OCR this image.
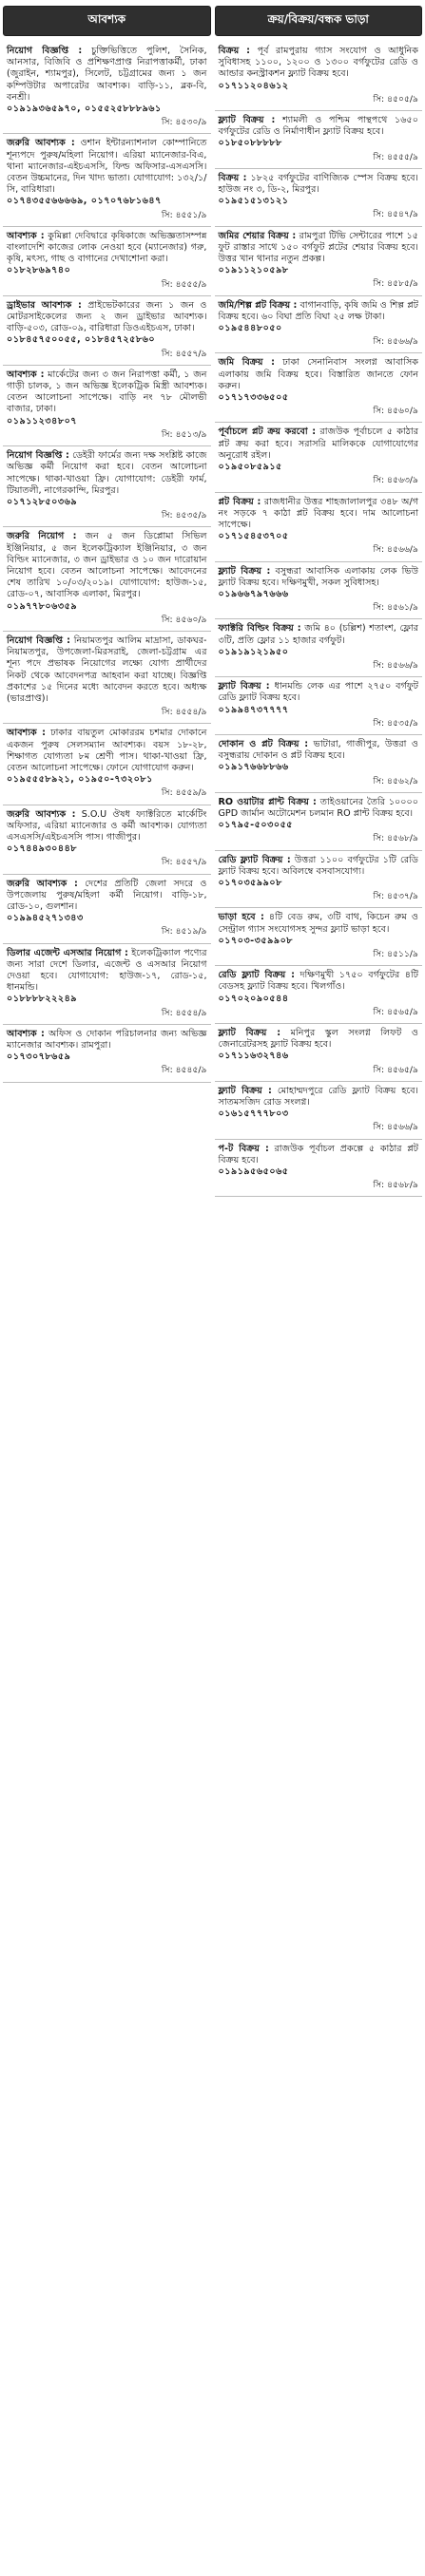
আবশ্যক
নিয়োগ বিজ্ঞপ্তি : চুক্তিভিত্তিতে পুলিশ, সৈনিক, আনসার, বিজিবি ও প্রশিক্ষণপ্রাপ্ত নিরাপত্তাকর্মী, ঢাকা (জুরাইন, শ্যামপুর), সিলেট, চট্টগ্রামের জন্য ১ জন কম্পিউটার অপারেটর আবশ্যক। বাড়ি-১১, ব্লক-বি, বনশ্রী।
০১৯১৯৩৬৫৯৭০, ০১৫৫২৫৮৮৮৯৬১
সি: ৪৫৩০/৯
জরুরি আবশ্যক : ওশান ইন্টারন্যাশনাল কোম্পানিতে শূন্যপদে পুরুষ/মহিলা নিয়োগ। এরিয়া ম্যানেজার-বিএ, থানা ম্যানেজার-এইচএসসি, ফিল্ড অফিসার-এসএসসি। বেতন উচ্চমানের, দিন খাদ্য ভাতা। যোগাযোগ: ১৩২/১/সি, বারিধারা।
০১৭৪৩৫৫৬৬৬৬৯, ০১৭০৭৬৮১৬৪৭
সি: ৪৫৫১/৯
আবশ্যক : কুমিল্লা দেবিদ্বারে কৃষিকাজে অভিজ্ঞতাসম্পন্ন বাংলাদেশি কাজের লোক নেওয়া হবে (ম্যানেজার) গরু, কৃষি, মৎস্য, গাছ ও বাগানের দেখাশোনা করা।
০১৮২৮৬৯৭৪০
সি: ৪৫৫৫/৯
ড্রাইভার আবশ্যক : প্রাইভেটকারের জন্য ১ জন ও মোটরসাইকেলের জন্য ২ জন ড্রাইভার আবশ্যক। বাড়ি-৫০৩, রোড-০৯, বারিধারা ডিওএইচএস, ঢাকা।
০১৮৪৫৭৫০০৫৫, ০১৮৪৫৭২৫৮৬০
সি: ৪৫৫৭/৯
আবশ্যক : মার্কেটের জন্য ৩ জন নিরাপত্তা কর্মী, ১ জন গাড়ী চালক, ১ জন অভিজ্ঞ ইলেকট্রিক মিস্ত্রী আবশ্যক। বেতন আলোচনা সাপেক্ষে। বাড়ি নং ৭৮ মৌলভী বাজার, ঢাকা।
০১৯১১২৩৪৮০৭
সি: ৪৫১৩/৯
নিয়োগ বিজ্ঞপ্তি : ডেইরী ফার্মের জন্য দক্ষ সংশ্লিষ্ট কাজে অভিজ্ঞ কর্মী নিয়োগ করা হবে। বেতন আলোচনা সাপেক্ষে। থাকা-খাওয়া ফ্রি। যোগাযোগ: ডেইরী ফার্ম, টিয়াতলী, নাগেরকান্দি, মিরপুর।
০১৭১২৮৫০৩৬৯
সি: ৪৫৩৫/৯
জরুরি নিয়োগ : জন ৫ জন ডিপ্লোমা সিভিল ইঞ্জিনিয়ার, ৫ জন ইলেকট্রিক্যাল ইঞ্জিনিয়ার, ৩ জন বিল্ডিং ম্যানেজার, ৩ জন ড্রাইভার ও ১০ জন দারোয়ান নিয়োগ হবে। বেতন আলোচনা সাপেক্ষে। আবেদনের শেষ তারিখ ১০/০৩/২০১৯। যোগাযোগ: হাউজ-১৫, রোড-০৭, আবাসিক এলাকা, মিরপুর।
০১৯৭৭৮০৬৩৫৯
সি: ৪৫৬০/৯
নিয়োগ বিজ্ঞপ্তি : নিয়ামতপুর আলিম মাদ্রাসা, ডাকঘর-নিয়ামতপুর, উপজেলা-মিরসরাই, জেলা-চট্টগ্রাম এর শূন্য পদে প্রভাষক নিয়োগের লক্ষ্যে যোগ্য প্রার্থীদের নিকট থেকে আবেদনপত্র আহবান করা যাচ্ছে। বিজ্ঞপ্তি প্রকাশের ১৫ দিনের মধ্যে আবেদন করতে হবে। অধ্যক্ষ (ভারপ্রাপ্ত)।
সি: ৪৫৫৪/৯
আবশ্যক : ঢাকার বায়তুল মোকাররম চশমার দোকানে একজন পুরুষ সেলসম্যান আবশ্যক। বয়স ১৮-২৮, শিক্ষাগত যোগ্যতা ৮ম শ্রেণী পাস। থাকা-খাওয়া ফ্রি, বেতন আলোচনা সাপেক্ষে। ফোনে যোগাযোগ করুন।
০১৯৫৫৫৮৯২১, ০১৯৫০-৭৩২০৮১
সি: ৪৫৫৯/৯
জরুরি আবশ্যক : S.O.U ঔষধ ফ্যাক্টরিতে মার্কেটিং অফিসার, এরিয়া ম্যানেজার ও কর্মী আবশ্যক। যোগ্যতা এসএসসি/এইচএসসি পাস। গাজীপুর।
০১৭৪৪৯৩০৪৪৮
সি: ৪৫৫৭/৯
জরুরি আবশ্যক : দেশের প্রতিটি জেলা সদরে ও উপজেলায় পুরুষ/মহিলা কর্মী নিয়োগ। বাড়ি-১৮, রোড-১০, গুলশান।
০১৯৯৪৫২৭১৩৪৩
সি: ৪৫১৯/৯
ডিলার এজেন্ট এসআর নিয়োগ : ইলেকট্রিক্যাল পণ্যের জন্য সারা দেশে ডিলার, এজেন্ট ও এসআর নিয়োগ দেওয়া হবে। যোগাযোগ: হাউজ-১৭, রোড-১৫, ধানমন্ডি।
০১৮৮৮৮২২২৪৯
সি: ৪৫৫৪/৯
আবশ্যক : অফিস ও দোকান পরিচালনার জন্য অভিজ্ঞ ম্যানেজার আবশ্যক। রামপুরা।
০১৭৩০৭৮৬৫৯
সি: ৪৫৪৫/৯
ক্রয়/বিক্রয়/বন্ধক ভাড়া
বিক্রয় : পূর্ব রামপুরায় গ্যাস সংযোগ ও আধুনিক সুবিধাসহ ১১০০, ১২০০ ও ১৩০০ বর্গফুটের রেডি ও আন্ডার কনস্ট্রাকশন ফ্ল্যাট বিক্রয় হবে।
০১৭১১২০৪৬১২
সি: ৪৫০৫/৯
ফ্ল্যাট বিক্রয় : শ্যামলী ও পশ্চিম পান্থপথে ১৬৫০ বর্গফুটের রেডি ও নির্মাণাধীন ফ্ল্যাট বিক্রয় হবে।
০১৮৫০৮৮৮৮৮
সি: ৪৫৫৫/৯
বিক্রয় : ১৮২৫ বর্গফুটের বাণিজ্যিক স্পেস বিক্রয় হবে। হাউজ নং ৩, ডি-২, মিরপুর।
০১৯৫১৫১৩১২১
সি: ৪৫৪৭/৯
জমির শেয়ার বিক্রয় : রামপুরা টিভি সেন্টারের পাশে ১৫ ফুট রাস্তার সাথে ১৫০ বর্গফুট প্লটের শেয়ার বিক্রয় হবে। উত্তর খান থানার নতুন প্রকল্প।
০১৯১১২১০৫৯৮
সি: ৪৫৮৫/৯
জমি/শিল্প প্লট বিক্রয় : বাগানবাড়ি, কৃষি জমি ও শিল্প প্লট বিক্রয় হবে। ৬০ বিঘা প্রতি বিঘা ২৫ লক্ষ টাকা।
০১৯৫৪৪৮০৫০
সি: ৪৫৬৬/৯
জমি বিক্রয় : ঢাকা সেনানিবাস সংলগ্ন আবাসিক এলাকায় জমি বিক্রয় হবে। বিস্তারিত জানতে ফোন করুন।
০১৭১৭৩৩৬৫০৫
সি: ৪৫৬০/৯
পূর্বাচলে প্লট ক্রয় করবো : রাজউক পূর্বাচলে ৫ কাঠার প্লট ক্রয় করা হবে। সরাসরি মালিককে যোগাযোগের অনুরোধ রইল।
০১৯৫০৮৫৯১৫
সি: ৪৫৬৩/৯
প্লট বিক্রয় : রাজধানীর উত্তর শাহজালালপুর ৩৪৮ অ/গ নং সড়কে ৭ কাঠা প্লট বিক্রয় হবে। দাম আলোচনা সাপেক্ষে।
০১৭১৫৪৫৩৭০৫
সি: ৪৫৬৬/৯
ফ্ল্যাট বিক্রয় : বসুন্ধরা আবাসিক এলাকায় লেক ভিউ ফ্ল্যাট বিক্রয় হবে। দক্ষিণমুখী, সকল সুবিধাসহ।
০১৯৬৬৭৯৭৬৬৬
সি: ৪৫৬১/৯
ফ্যাক্টরি বিল্ডিং বিক্রয় : জমি ৪০ (চল্লিশ) শতাংশ, ফ্লোর ৩টি, প্রতি ফ্লোর ১১ হাজার বর্গফুট।
০১৯১৯১২১৯৫০
সি: ৪৫৬৬/৯
ফ্ল্যাট বিক্রয় : ধানমন্ডি লেক এর পাশে ২৭৫০ বর্গফুট রেডি ফ্ল্যাট বিক্রয় হবে।
০১৯৯৪৭৩৭৭৭৭
সি: ৪৫৩৫/৯
দোকান ও প্লট বিক্রয় : ভাটারা, গাজীপুর, উত্তরা ও বসুন্ধরায় দোকান ও প্লট বিক্রয় হবে।
০১৯১৭৬৬৮৮৬৬
সি: ৪৫৬২/৯
RO ওয়াটার প্লান্ট বিক্রয় : তাইওয়ানের তৈরি ১০০০০ GPD জার্মান অটোমেশন চলমান RO প্লান্ট বিক্রয় হবে।
০১৭৯৫-৫০৩০৫৫
সি: ৪৫৬৮/৯
রেডি ফ্ল্যাট বিক্রয় : উত্তরা ১১০০ বর্গফুটের ১টি রেডি ফ্ল্যাট বিক্রয় হবে। অবিলম্বে বসবাসযোগ্য।
০১৭০৩৫৯৯০৮
সি: ৪৫৩৭/৯
ভাড়া হবে : ৪টি বেড রুম, ৩টি বাথ, কিচেন রুম ও সেন্ট্রাল গ্যাস সংযোগসহ সুন্দর ফ্ল্যাট ভাড়া হবে।
০১৭০৩-৩৫৯৯০৮
সি: ৪৫১১/৯
রেডি ফ্ল্যাট বিক্রয় : দক্ষিণমুখী ১৭৫০ বর্গফুটের ৪টি বেডসহ ফ্ল্যাট বিক্রয় হবে। খিলগাঁও।
০১৭০২০৯০৫৪৪
সি: ৪৫৬৫/৯
ফ্ল্যাট বিক্রয় : মনিপুর স্কুল সংলগ্ন লিফট ও জেনারেটরসহ ফ্ল্যাট বিক্রয় হবে।
০১৭১১৬৩২৭৪৬
সি: ৪৫৬৫/৯
ফ্ল্যাট বিক্রয় : মোহাম্মদপুরে রেডি ফ্ল্যাট বিক্রয় হবে। সাতমসজিদ রোড সংলগ্ন।
০১৬১৫৭৭৭৮০৩
সি: ৪৫৬৬/৯
প-ট বিক্রয় : রাজউক পূর্বাচল প্রকল্পে ৫ কাঠার প্লট বিক্রয় হবে।
০১৯১৯৫৬৫০৬৫
সি: ৪৫৬৮/৯
